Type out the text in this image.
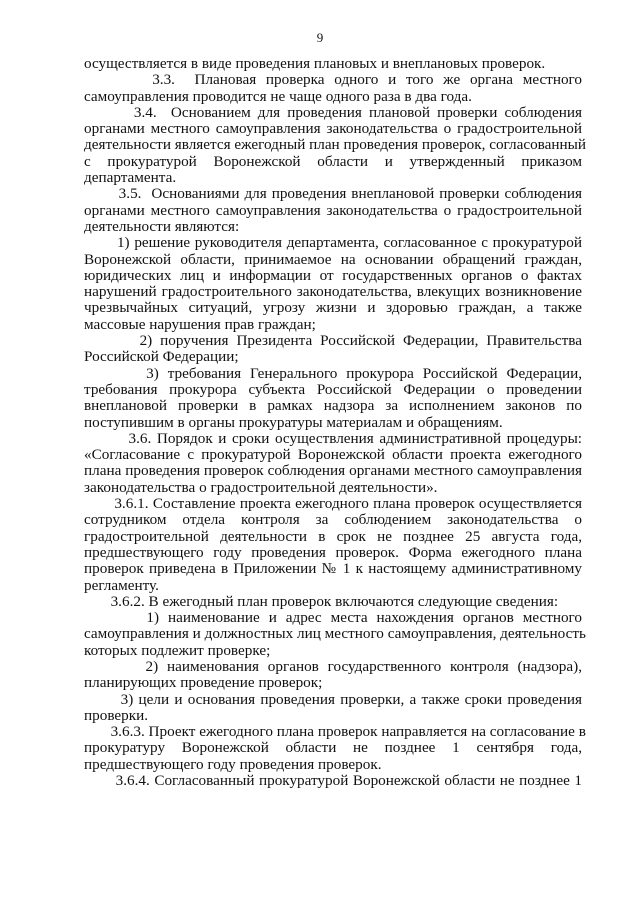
9
осуществляется в виде проведения плановых и внеплановых проверок.
3.3.  Плановая проверка одного и того же органа местного
самоуправления проводится не чаще одного раза в два года.
3.4.  Основанием для проведения плановой проверки соблюдения
органами местного самоуправления законодательства о градостроительной
деятельности является ежегодный план проведения проверок, согласованный
с прокуратурой Воронежской области и утвержденный приказом
департамента.
3.5.  Основаниями для проведения внеплановой проверки соблюдения
органами местного самоуправления законодательства о градостроительной
деятельности являются:
1) решение руководителя департамента, согласованное с прокуратурой
Воронежской области, принимаемое на основании обращений граждан,
юридических лиц и информации от государственных органов о фактах
нарушений градостроительного законодательства, влекущих возникновение
чрезвычайных ситуаций, угрозу жизни и здоровью граждан, а также
массовые нарушения прав граждан;
2) поручения Президента Российской Федерации, Правительства
Российской Федерации;
3) требования Генерального прокурора Российской Федерации,
требования прокурора субъекта Российской Федерации о проведении
внеплановой проверки в рамках надзора за исполнением законов по
поступившим в органы прокуратуры материалам и обращениям.
3.6. Порядок и сроки осуществления административной процедуры:
«Согласование с прокуратурой Воронежской области проекта ежегодного
плана проведения проверок соблюдения органами местного самоуправления
законодательства о градостроительной деятельности».
3.6.1. Составление проекта ежегодного плана проверок осуществляется
сотрудником отдела контроля за соблюдением законодательства о
градостроительной деятельности в срок не позднее 25 августа года,
предшествующего году проведения проверок. Форма ежегодного плана
проверок приведена в Приложении № 1 к настоящему административному
регламенту.
3.6.2. В ежегодный план проверок включаются следующие сведения:
1) наименование и адрес места нахождения органов местного
самоуправления и должностных лиц местного самоуправления, деятельность
которых подлежит проверке;
2) наименования органов государственного контроля (надзора),
планирующих проведение проверок;
3) цели и основания проведения проверки, а также сроки проведения
проверки.
3.6.3. Проект ежегодного плана проверок направляется на согласование в
прокуратуру Воронежской области не позднее 1 сентября года,
предшествующего году проведения проверок.
3.6.4. Согласованный прокуратурой Воронежской области не позднее 1
